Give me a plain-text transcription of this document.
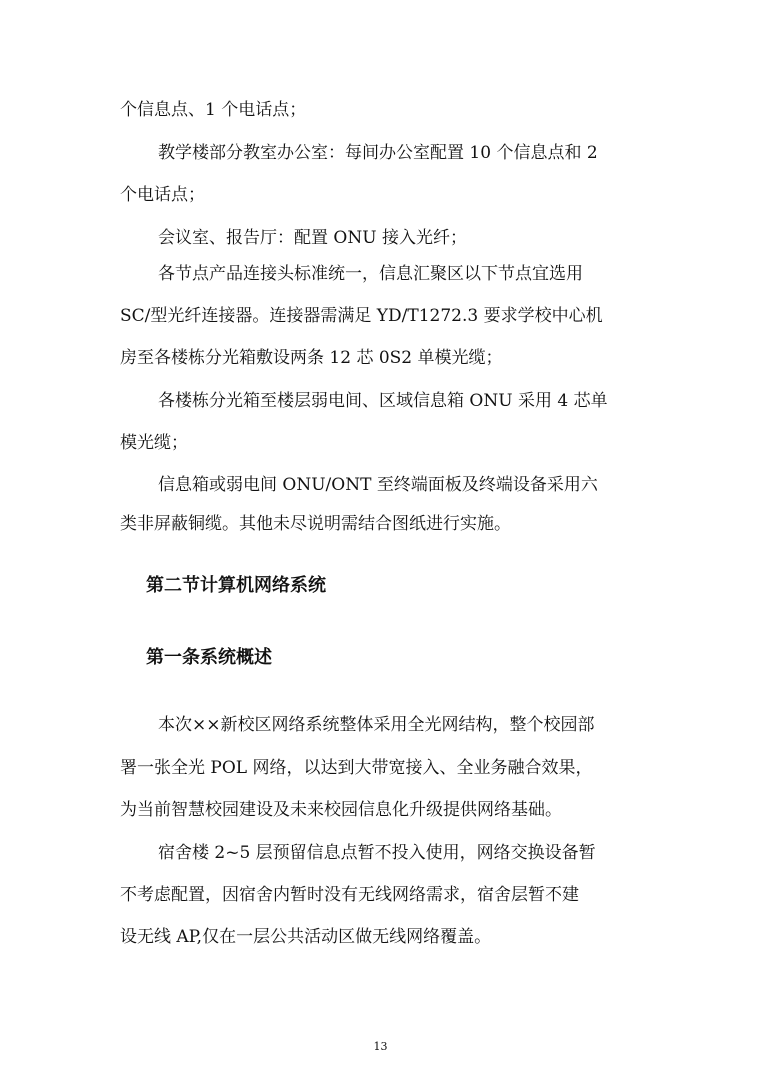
个信息点、1 个电话点；
教学楼部分教室办公室：每间办公室配置 10 个信息点和 2
个电话点；
会议室、报告厅：配置 ONU 接入光纤；
各节点产品连接头标准统一，信息汇聚区以下节点宜选用
SC/型光纤连接器。连接器需满足 YD/T1272.3 要求学校中心机
房至各楼栋分光箱敷设两条 12 芯 0S2 单模光缆；
各楼栋分光箱至楼层弱电间、区域信息箱 ONU 采用 4 芯单
模光缆；
信息箱或弱电间 ONU/ONT 至终端面板及终端设备采用六
类非屏蔽铜缆。其他未尽说明需结合图纸进行实施。
第二节计算机网络系统
第一条系统概述
本次××新校区网络系统整体采用全光网结构，整个校园部
署一张全光 POL 网络，以达到大带宽接入、全业务融合效果，
为当前智慧校园建设及未来校园信息化升级提供网络基础。
宿舍楼 2~5 层预留信息点暂不投入使用，网络交换设备暂
不考虑配置，因宿舍内暂时没有无线网络需求，宿舍层暂不建
设无线 AP,仅在一层公共活动区做无线网络覆盖。
13
